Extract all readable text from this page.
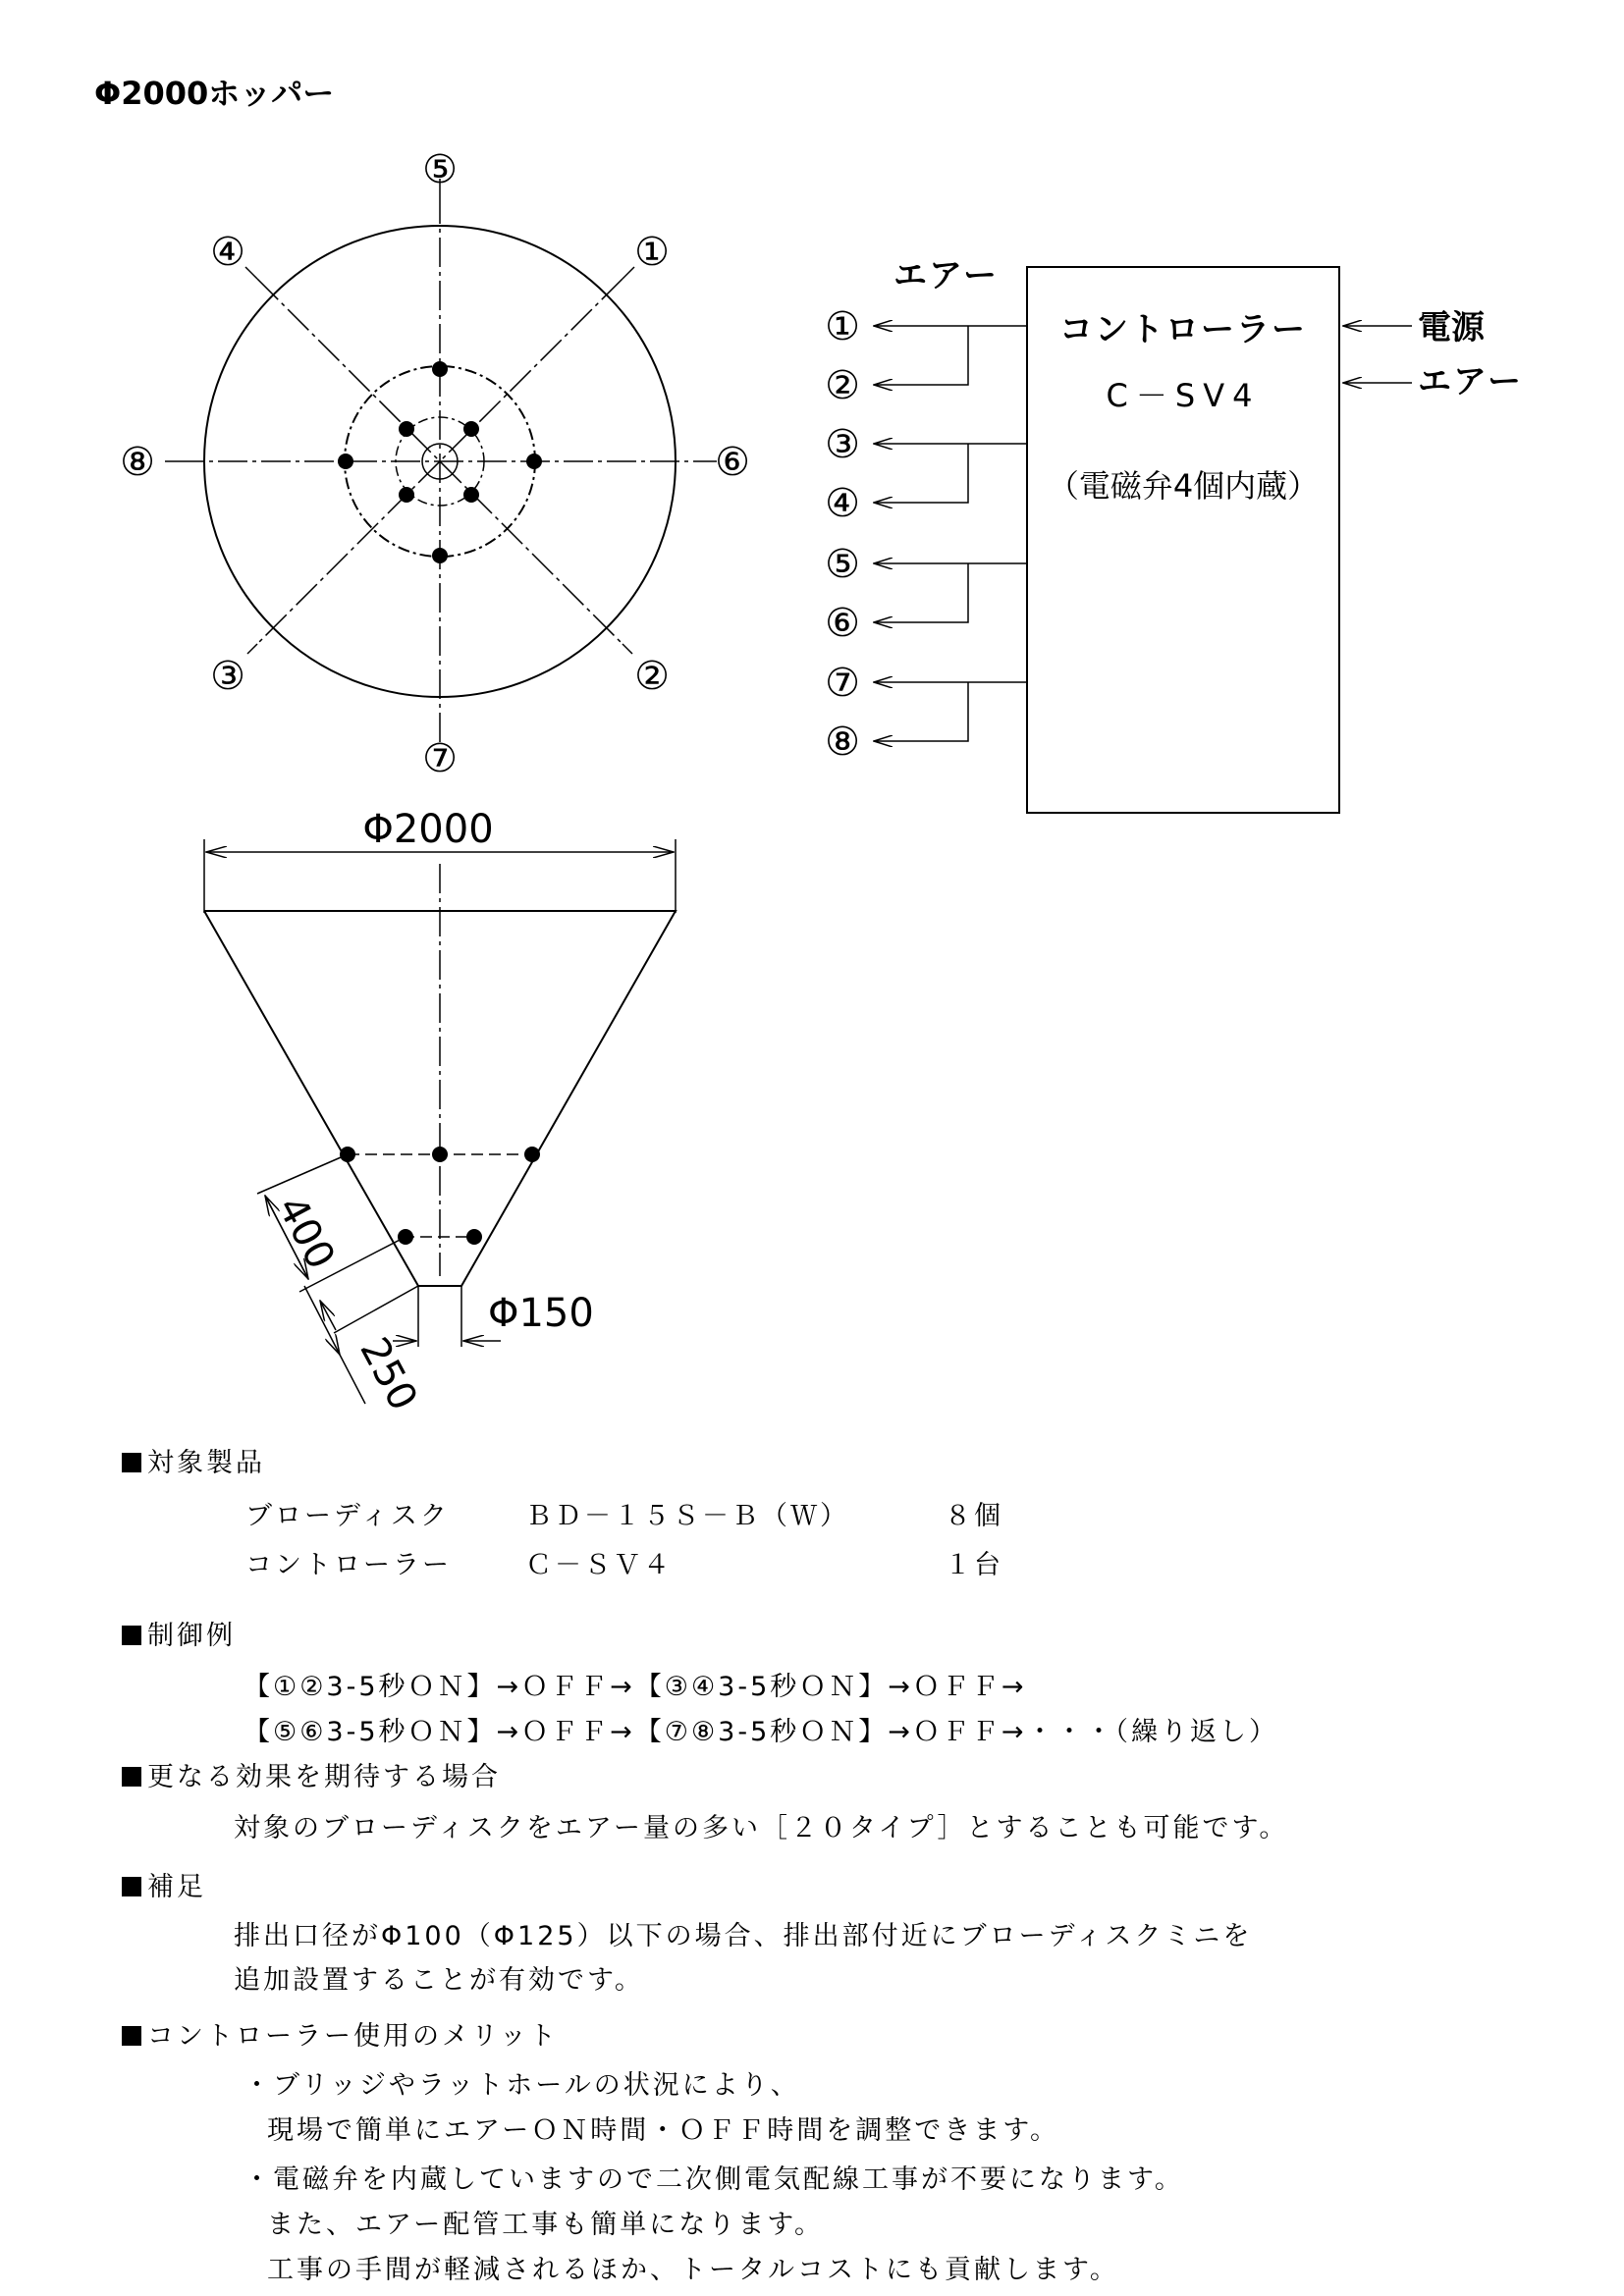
Φ2000ホッパー
⑤
①
⑥
②
⑦
③
⑧
④
コントローラー
C－SV4
（電磁弁4個内蔵）
エアー
電源
エアー
①
②
③
④
⑤
⑥
⑦
⑧
Φ2000
400
250
Φ150
対象製品
ブローディスク	ＢＤ－１５Ｓ－Ｂ（Ｗ）	８個
コントローラー	Ｃ－ＳＶ４	１台
制御例
【①②3-5秒ＯＮ】→ＯＦＦ→【③④3-5秒ＯＮ】→ＯＦＦ→
【⑤⑥3-5秒ＯＮ】→ＯＦＦ→【⑦⑧3-5秒ＯＮ】→ＯＦＦ→・・・（繰り返し）
更なる効果を期待する場合
対象のブローディスクをエアー量の多い［２０タイプ］とすることも可能です。
補足
排出口径がΦ100（Φ125）以下の場合、排出部付近にブローディスクミニを
追加設置することが有効です。
コントローラー使用のメリット
・ブリッジやラットホールの状況により、
現場で簡単にエアーＯＮ時間・ＯＦＦ時間を調整できます。
・電磁弁を内蔵していますので二次側電気配線工事が不要になります。
また、エアー配管工事も簡単になります。
工事の手間が軽減されるほか、トータルコストにも貢献します。
